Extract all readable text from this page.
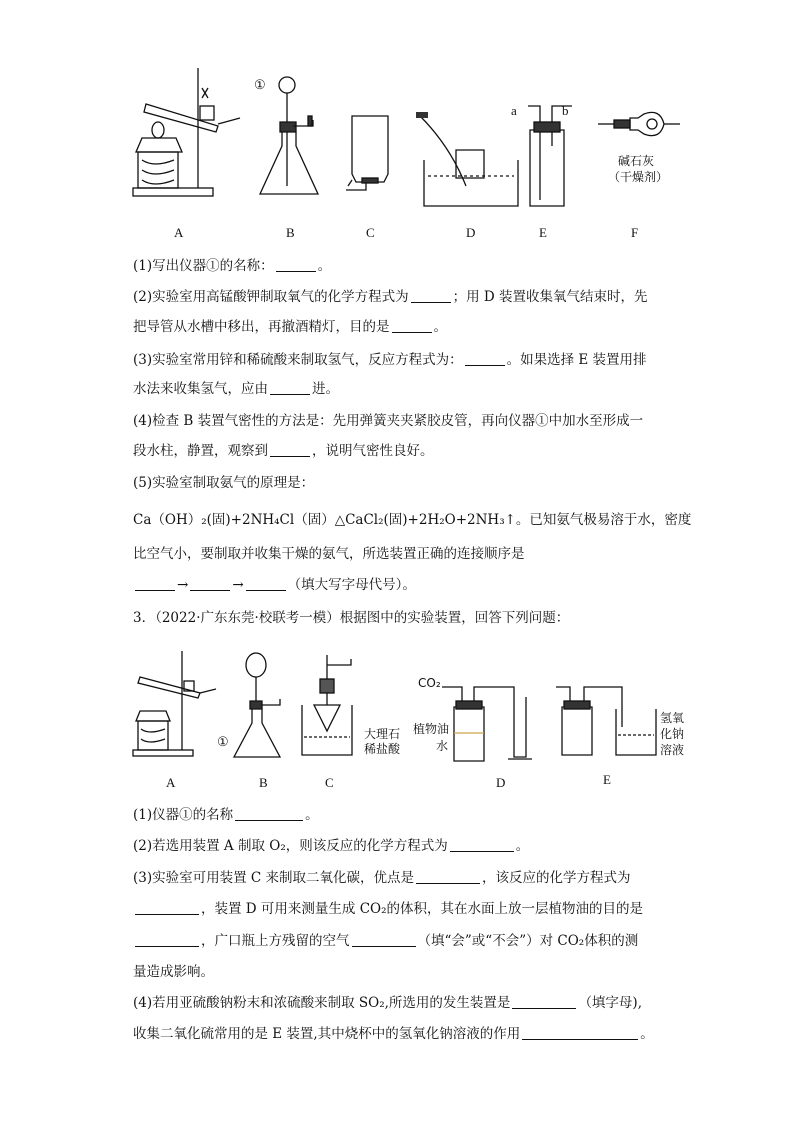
①
a	b
碱石灰
（干燥剂）
A	B	C	D	E	F
(1)写出仪器①的名称：	。
(2)实验室用高锰酸钾制取氧气的化学方程式为	；用 D 装置收集氧气结束时，先
把导管从水槽中移出，再撤酒精灯，目的是	。
(3)实验室常用锌和稀硫酸来制取氢气，反应方程式为：	。如果选择 E 装置用排
水法来收集氢气，应由	进。
(4)检查 B 装置气密性的方法是：先用弹簧夹夹紧胶皮管，再向仪器①中加水至形成一
段水柱，静置，观察到	，说明气密性良好。
(5)实验室制取氨气的原理是：
Ca（OH）₂(固)+2NH₄Cl（固）△CaCl₂(固)+2H₂O+2NH₃↑。已知氨气极易溶于水，密度
比空气小，要制取并收集干燥的氨气，所选装置正确的连接顺序是
→	→	（填大写字母代号）。
3．（2022·广东东莞·校联考一模）根据图中的实验装置，回答下列问题：
①
CO₂
大理石
稀盐酸
植物油
水
氢氧
化钠
溶液
A	B	C	D	E
(1)仪器①的名称	。
(2)若选用装置 A 制取 O₂，则该反应的化学方程式为	。
(3)实验室可用装置 C 来制取二氧化碳，优点是	，该反应的化学方程式为
，装置 D 可用来测量生成 CO₂的体积，其在水面上放一层植物油的目的是
，广口瓶上方残留的空气	（填“会”或“不会”）对 CO₂体积的测
量造成影响。
(4)若用亚硫酸钠粉末和浓硫酸来制取 SO₂,所选用的发生装置是	（填字母),
收集二氧化硫常用的是 E 装置,其中烧杯中的氢氧化钠溶液的作用	。
